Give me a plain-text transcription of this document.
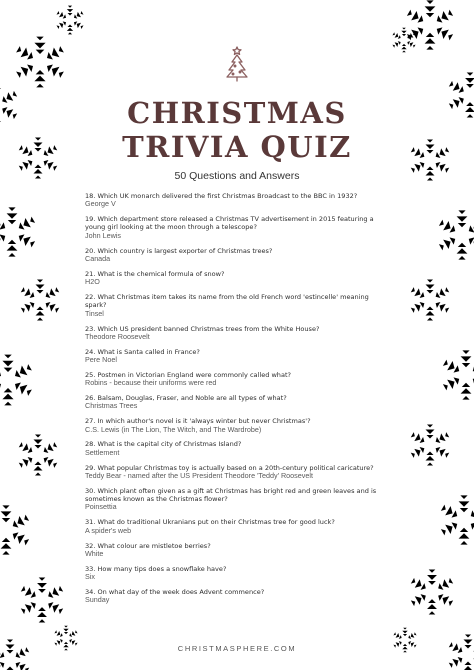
CHRISTMAS
TRIVIA QUIZ
50 Questions and Answers
18. Which UK monarch delivered the first Christmas Broadcast to the BBC in 1932?
George V
19. Which department store released a Christmas TV advertisement in 2015 featuring a young girl looking at the moon through a telescope?
John Lewis
20. Which country is largest exporter of Christmas trees?
Canada
21. What is the chemical formula of snow?
H2O
22. What Christmas item takes its name from the old French word 'estincelle' meaning spark?
Tinsel
23. Which US president banned Christmas trees from the White House?
Theodore Roosevelt
24. What is Santa called in France?
Pere Noel
25. Postmen in Victorian England were commonly called what?
Robins - because their uniforms were red
26. Balsam, Douglas, Fraser, and Noble are all types of what?
Christmas Trees
27. In which author's novel is it 'always winter but never Christmas'?
C.S. Lewis (in The Lion, The Witch, and The Wardrobe)
28. What is the capital city of Christmas Island?
Settlement
29. What popular Christmas toy is actually based on a 20th-century political caricature?
Teddy Bear - named after the US President Theodore 'Teddy' Roosevelt
30. Which plant often given as a gift at Christmas has bright red and green leaves and is sometimes known as the Christmas flower?
Poinsettia
31. What do traditional Ukranians put on their Christmas tree for good luck?
A spider's web
32. What colour are mistletoe berries?
White
33. How many tips does a snowflake have?
Six
34. On what day of the week does Advent commence?
Sunday
CHRISTMASPHERE.COM
